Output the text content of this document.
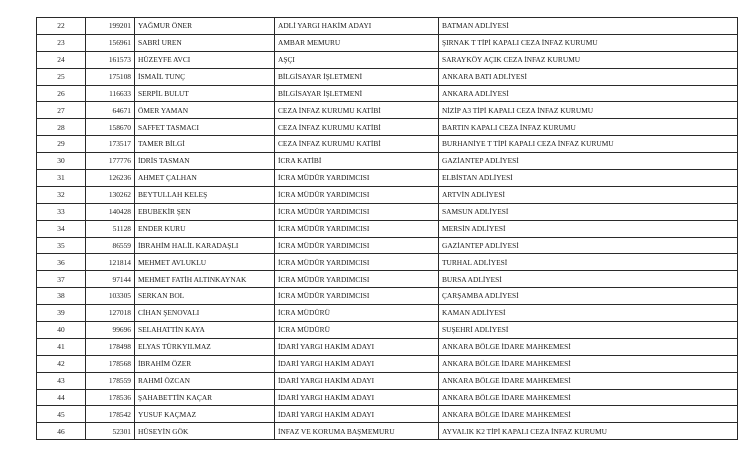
22	199201	YAĞMUR ÖNER	ADLİ YARGI HAKİM ADAYI	BATMAN ADLİYESİ
23	156961	SABRİ UREN	AMBAR MEMURU	ŞIRNAK T TİPİ KAPALI CEZA İNFAZ KURUMU
24	161573	HÜZEYFE AVCI	AŞÇI	SARAYKÖY AÇIK CEZA İNFAZ KURUMU
25	175108	İSMAİL TUNÇ	BİLGİSAYAR İŞLETMENİ	ANKARA BATI ADLİYESİ
26	116633	SERPİL BULUT	BİLGİSAYAR İŞLETMENİ	ANKARA ADLİYESİ
27	64671	ÖMER YAMAN	CEZA İNFAZ KURUMU KATİBİ	NİZİP A3 TİPİ KAPALI CEZA İNFAZ KURUMU
28	158670	SAFFET TASMACI	CEZA İNFAZ KURUMU KATİBİ	BARTIN KAPALI CEZA İNFAZ KURUMU
29	173517	TAMER BİLGİ	CEZA İNFAZ KURUMU KATİBİ	BURHANİYE T TİPİ KAPALI CEZA İNFAZ KURUMU
30	177776	İDRİS TASMAN	İCRA KATİBİ	GAZİANTEP ADLİYESİ
31	126236	AHMET ÇALHAN	İCRA MÜDÜR YARDIMCISI	ELBİSTAN ADLİYESİ
32	130262	BEYTULLAH KELEŞ	İCRA MÜDÜR YARDIMCISI	ARTVİN ADLİYESİ
33	140428	EBUBEKİR ŞEN	İCRA MÜDÜR YARDIMCISI	SAMSUN ADLİYESİ
34	51128	ENDER KURU	İCRA MÜDÜR YARDIMCISI	MERSİN ADLİYESİ
35	86559	İBRAHİM HALİL KARADAŞLI	İCRA MÜDÜR YARDIMCISI	GAZİANTEP ADLİYESİ
36	121814	MEHMET AVLUKLU	İCRA MÜDÜR YARDIMCISI	TURHAL ADLİYESİ
37	97144	MEHMET FATİH ALTINKAYNAK	İCRA MÜDÜR YARDIMCISI	BURSA ADLİYESİ
38	103305	SERKAN BOL	İCRA MÜDÜR YARDIMCISI	ÇARŞAMBA ADLİYESİ
39	127018	CİHAN ŞENOVALI	İCRA MÜDÜRÜ	KAMAN ADLİYESİ
40	99696	SELAHATTİN KAYA	İCRA MÜDÜRÜ	SUŞEHRİ ADLİYESİ
41	178498	ELYAS TÜRKYILMAZ	İDARİ YARGI HAKİM ADAYI	ANKARA BÖLGE İDARE MAHKEMESİ
42	178568	İBRAHİM ÖZER	İDARİ YARGI HAKİM ADAYI	ANKARA BÖLGE İDARE MAHKEMESİ
43	178559	RAHMİ ÖZCAN	İDARİ YARGI HAKİM ADAYI	ANKARA BÖLGE İDARE MAHKEMESİ
44	178536	ŞAHABETTİN KAÇAR	İDARİ YARGI HAKİM ADAYI	ANKARA BÖLGE İDARE MAHKEMESİ
45	178542	YUSUF KAÇMAZ	İDARİ YARGI HAKİM ADAYI	ANKARA BÖLGE İDARE MAHKEMESİ
46	52301	HÜSEYİN GÖK	İNFAZ VE KORUMA BAŞMEMURU	AYVALIK K2 TİPİ KAPALI CEZA İNFAZ KURUMU
